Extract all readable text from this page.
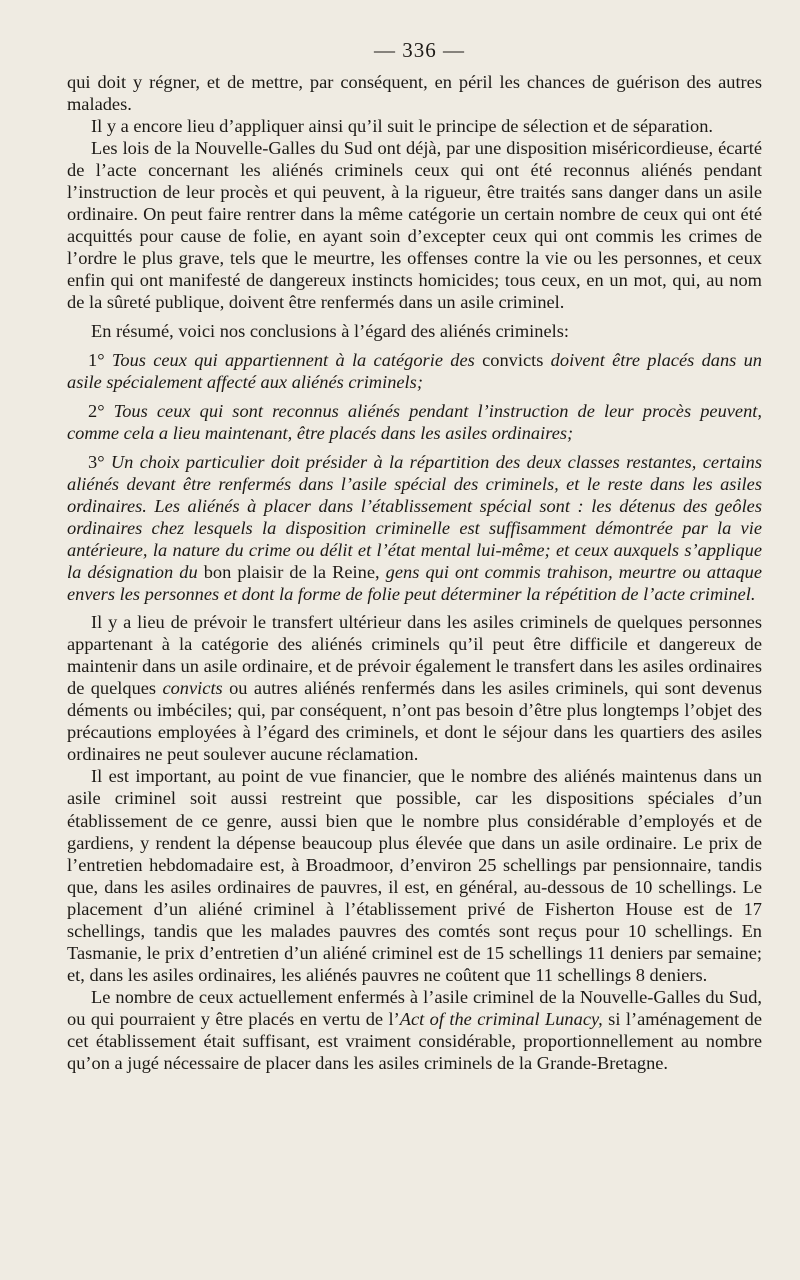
— 336 —

qui doit y régner, et de mettre, par conséquent, en péril les chances de guérison des autres malades.

Il y a encore lieu d’appliquer ainsi qu’il suit le principe de sélection et de séparation.

Les lois de la Nouvelle-Galles du Sud ont déjà, par une disposition miséricordieuse, écarté de l’acte concernant les aliénés criminels ceux qui ont été reconnus aliénés pendant l’instruction de leur procès et qui peuvent, à la rigueur, être traités sans danger dans un asile ordinaire. On peut faire rentrer dans la même catégorie un certain nombre de ceux qui ont été acquittés pour cause de folie, en ayant soin d’excepter ceux qui ont commis les crimes de l’ordre le plus grave, tels que le meurtre, les offenses contre la vie ou les personnes, et ceux enfin qui ont manifesté de dangereux instincts homicides; tous ceux, en un mot, qui, au nom de la sûreté publique, doivent être renfermés dans un asile criminel.

En résumé, voici nos conclusions à l’égard des aliénés criminels:

1° Tous ceux qui appartiennent à la catégorie des convicts doivent être placés dans un asile spécialement affecté aux aliénés criminels;

2° Tous ceux qui sont reconnus aliénés pendant l’instruction de leur procès peuvent, comme cela a lieu maintenant, être placés dans les asiles ordinaires;

3° Un choix particulier doit présider à la répartition des deux classes restantes, certains aliénés devant être renfermés dans l’asile spécial des criminels, et le reste dans les asiles ordinaires. Les aliénés à placer dans l’établissement spécial sont : les détenus des geôles ordinaires chez lesquels la disposition criminelle est suffisamment démontrée par la vie antérieure, la nature du crime ou délit et l’état mental lui-même; et ceux auxquels s’applique la désignation du bon plaisir de la Reine, gens qui ont commis trahison, meurtre ou attaque envers les personnes et dont la forme de folie peut déterminer la répétition de l’acte criminel.

Il y a lieu de prévoir le transfert ultérieur dans les asiles criminels de quelques personnes appartenant à la catégorie des aliénés criminels qu’il peut être difficile et dangereux de maintenir dans un asile ordinaire, et de prévoir également le transfert dans les asiles ordinaires de quelques convicts ou autres aliénés renfermés dans les asiles criminels, qui sont devenus déments ou imbéciles; qui, par conséquent, n’ont pas besoin d’être plus longtemps l’objet des précautions employées à l’égard des criminels, et dont le séjour dans les quartiers des asiles ordinaires ne peut soulever aucune réclamation.

Il est important, au point de vue financier, que le nombre des aliénés maintenus dans un asile criminel soit aussi restreint que possible, car les dispositions spéciales d’un établissement de ce genre, aussi bien que le nombre plus considérable d’employés et de gardiens, y rendent la dépense beaucoup plus élevée que dans un asile ordinaire. Le prix de l’entretien hebdomadaire est, à Broadmoor, d’environ 25 schellings par pensionnaire, tandis que, dans les asiles ordinaires de pauvres, il est, en général, au-dessous de 10 schellings. Le placement d’un aliéné criminel à l’établissement privé de Fisherton House est de 17 schellings, tandis que les malades pauvres des comtés sont reçus pour 10 schellings. En Tasmanie, le prix d’entretien d’un aliéné criminel est de 15 schellings 11 deniers par semaine; et, dans les asiles ordinaires, les aliénés pauvres ne coûtent que 11 schellings 8 deniers.

Le nombre de ceux actuellement enfermés à l’asile criminel de la Nouvelle-Galles du Sud, ou qui pourraient y être placés en vertu de l’Act of the criminal Lunacy, si l’aménagement de cet établissement était suffisant, est vraiment considérable, proportionnellement au nombre qu’on a jugé nécessaire de placer dans les asiles criminels de la Grande-Bretagne.
